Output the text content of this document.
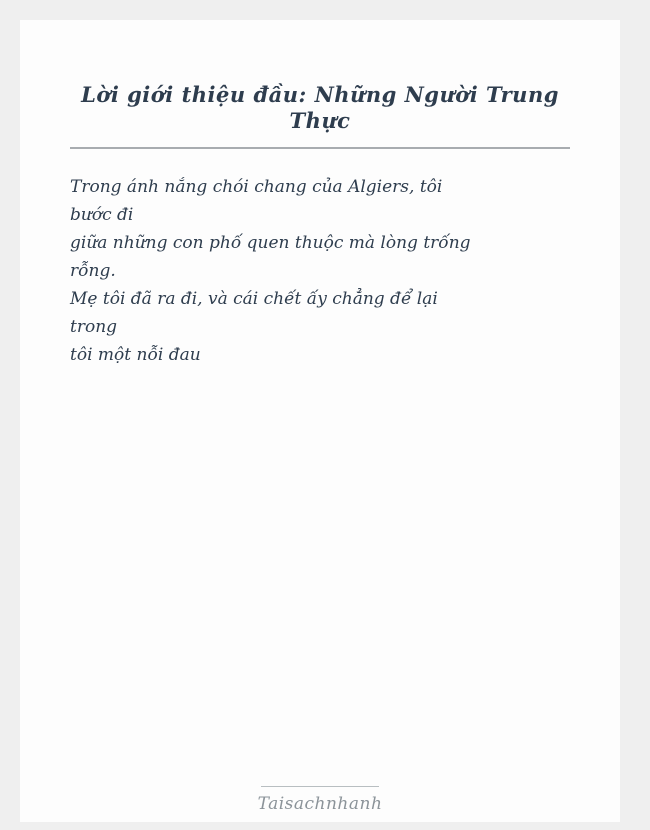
Lời giới thiệu đầu: Những Người Trung Thực
Trong ánh nắng chói chang của Algiers, tôi
bước đi
giữa những con phố quen thuộc mà lòng trống
rỗng.
Mẹ tôi đã ra đi, và cái chết ấy chẳng để lại
trong
tôi một nỗi đau
Taisachnhanh
